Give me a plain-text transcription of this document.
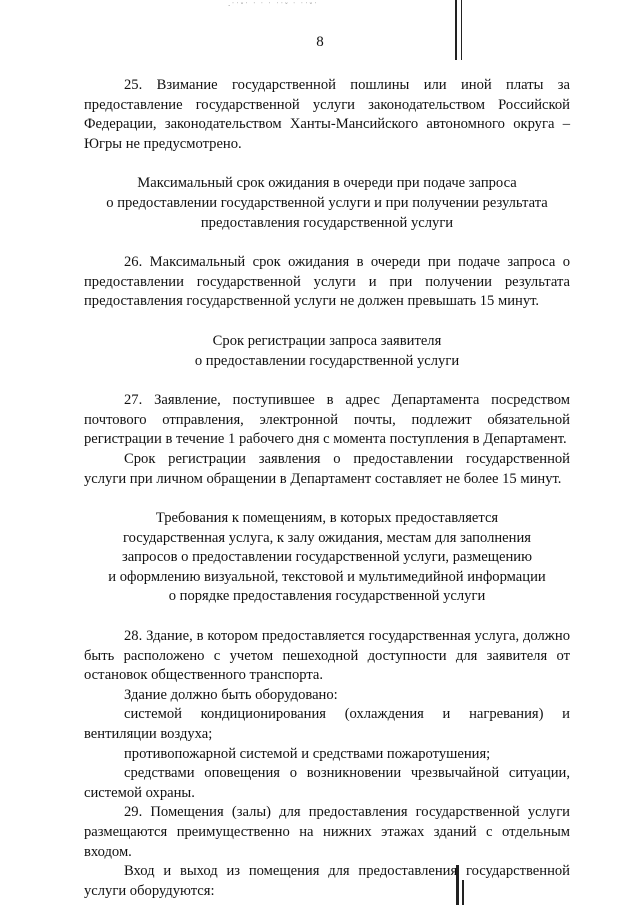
·˙˙˘˙ ˙ ˙ ˙ ˙˙˘ ˙ ˙˙˘˙
8

25. Взимание государственной пошлины или иной платы за предоставление государственной услуги законодательством Российской Федерации, законодательством Ханты-Мансийского автономного округа – Югры не предусмотрено.

Максимальный срок ожидания в очереди при подаче запроса

о предоставлении государственной услуги и при получении результата

предоставления государственной услуги

26. Максимальный срок ожидания в очереди при подаче запроса о предоставлении государственной услуги и при получении результата предоставления государственной услуги не должен превышать 15 минут.

Срок регистрации запроса заявителя

о предоставлении государственной услуги

27. Заявление, поступившее в адрес Департамента посредством почтового отправления, электронной почты, подлежит обязательной регистрации в течение 1 рабочего дня с момента поступления в Департамент.

Срок регистрации заявления о предоставлении государственной услуги при личном обращении в Департамент составляет не более 15 минут.

Требования к помещениям, в которых предоставляется

государственная услуга, к залу ожидания, местам для заполнения

запросов о предоставлении государственной услуги, размещению

и оформлению визуальной, текстовой и мультимедийной информации

о порядке предоставления государственной услуги

28. Здание, в котором предоставляется государственная услуга, должно быть расположено с учетом пешеходной доступности для заявителя от остановок общественного транспорта.

Здание должно быть оборудовано:

системой кондиционирования (охлаждения и нагревания) и вентиляции воздуха;

противопожарной системой и средствами пожаротушения;

средствами оповещения о возникновении чрезвычайной ситуации, системой охраны.

29. Помещения (залы) для предоставления государственной услуги размещаются преимущественно на нижних этажах зданий с отдельным входом.

Вход и выход из помещения для предоставления государственной услуги оборудуются:
